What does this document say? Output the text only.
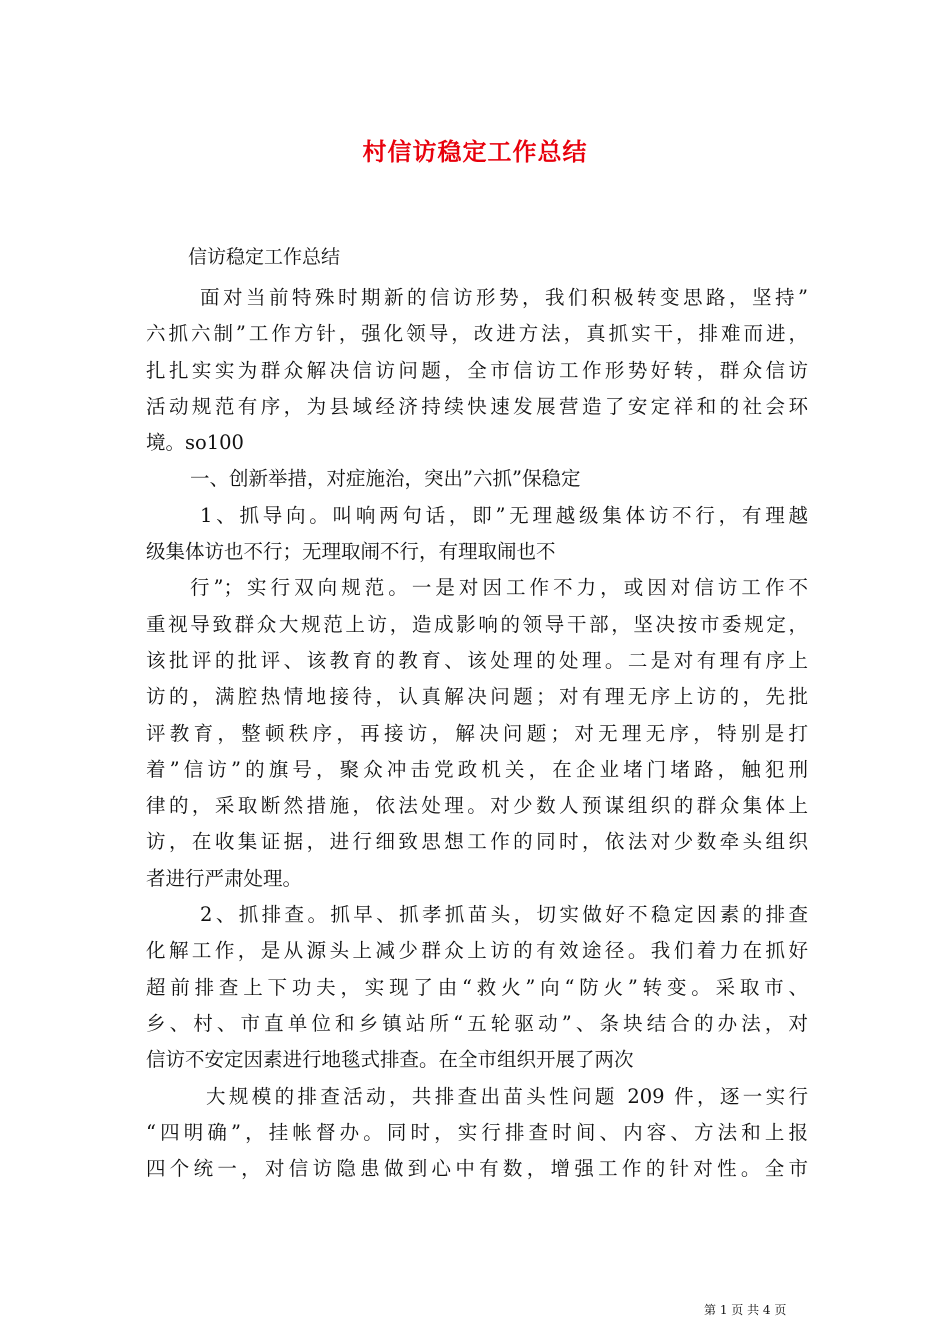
村信访稳定工作总结
信访稳定工作总结
面对当前特殊时期新的信访形势，我们积极转变思路，坚持”
六抓六制”工作方针，强化领导，改进方法，真抓实干，排难而进，
扎扎实实为群众解决信访问题，全市信访工作形势好转，群众信访
活动规范有序，为县域经济持续快速发展营造了安定祥和的社会环
境。so100
一、创新举措，对症施治，突出”六抓”保稳定
1、抓导向。叫响两句话，即”无理越级集体访不行，有理越
级集体访也不行；无理取闹不行，有理取闹也不
行”；实行双向规范。一是对因工作不力，或因对信访工作不
重视导致群众大规范上访，造成影响的领导干部，坚决按市委规定，
该批评的批评、该教育的教育、该处理的处理。二是对有理有序上
访的，满腔热情地接待，认真解决问题；对有理无序上访的，先批
评教育，整顿秩序，再接访，解决问题；对无理无序，特别是打
着”信访”的旗号，聚众冲击党政机关，在企业堵门堵路，触犯刑
律的，采取断然措施，依法处理。对少数人预谋组织的群众集体上
访，在收集证据，进行细致思想工作的同时，依法对少数牵头组织
者进行严肃处理。
2、抓排查。抓早、抓孝抓苗头，切实做好不稳定因素的排查
化解工作，是从源头上减少群众上访的有效途径。我们着力在抓好
超前排查上下功夫，实现了由“救火”向“防火”转变。采取市、
乡、村、市直单位和乡镇站所“五轮驱动”、条块结合的办法，对
信访不安定因素进行地毯式排查。在全市组织开展了两次
大规模的排查活动，共排查出苗头性问题 209 件，逐一实行
“四明确”，挂帐督办。同时，实行排查时间、内容、方法和上报
四个统一，对信访隐患做到心中有数，增强工作的针对性。全市
第 1 页 共 4 页
